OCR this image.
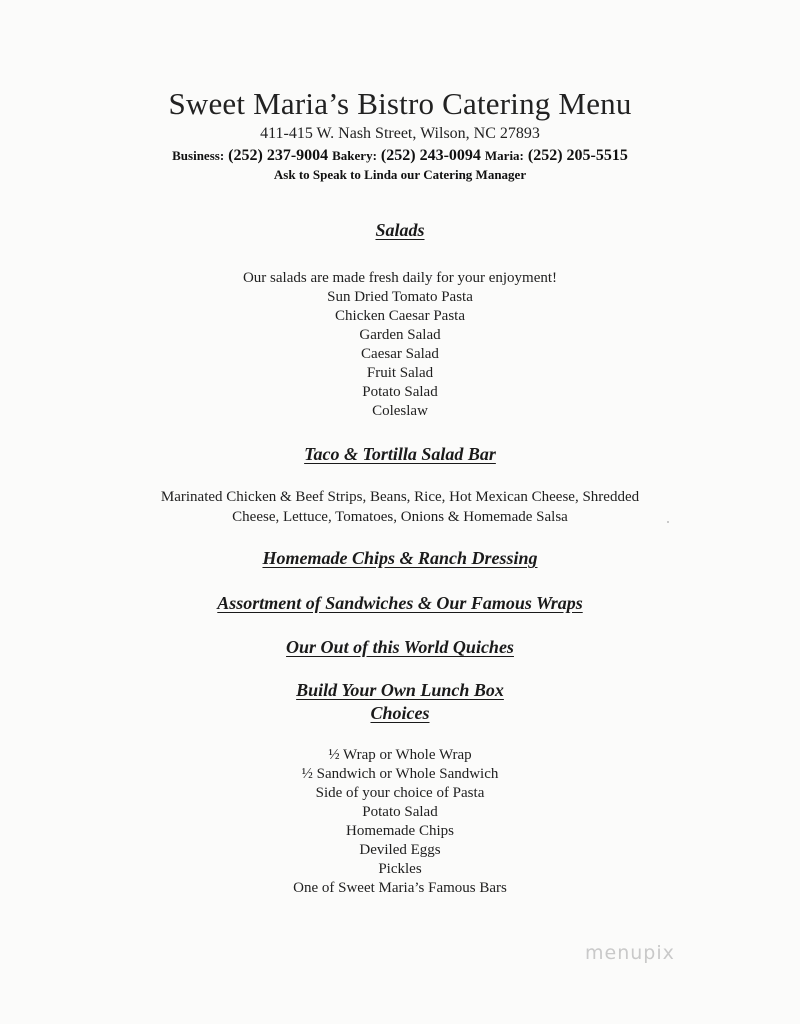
Sweet Maria’s Bistro Catering Menu
411-415 W. Nash Street, Wilson, NC 27893
Business: (252) 237-9004 Bakery: (252) 243-0094 Maria: (252) 205-5515
Ask to Speak to Linda our Catering Manager
Salads
Our salads are made fresh daily for your enjoyment!
Sun Dried Tomato Pasta
Chicken Caesar Pasta
Garden Salad
Caesar Salad
Fruit Salad
Potato Salad
Coleslaw
Taco & Tortilla Salad Bar
Marinated Chicken & Beef Strips, Beans, Rice, Hot Mexican Cheese, Shredded
Cheese, Lettuce, Tomatoes, Onions & Homemade Salsa
Homemade Chips & Ranch Dressing
Assortment of Sandwiches & Our Famous Wraps
Our Out of this World Quiches
Build Your Own Lunch Box
Choices
½ Wrap or Whole Wrap
½ Sandwich or Whole Sandwich
Side of your choice of Pasta
Potato Salad
Homemade Chips
Deviled Eggs
Pickles
One of Sweet Maria’s Famous Bars
menupix
